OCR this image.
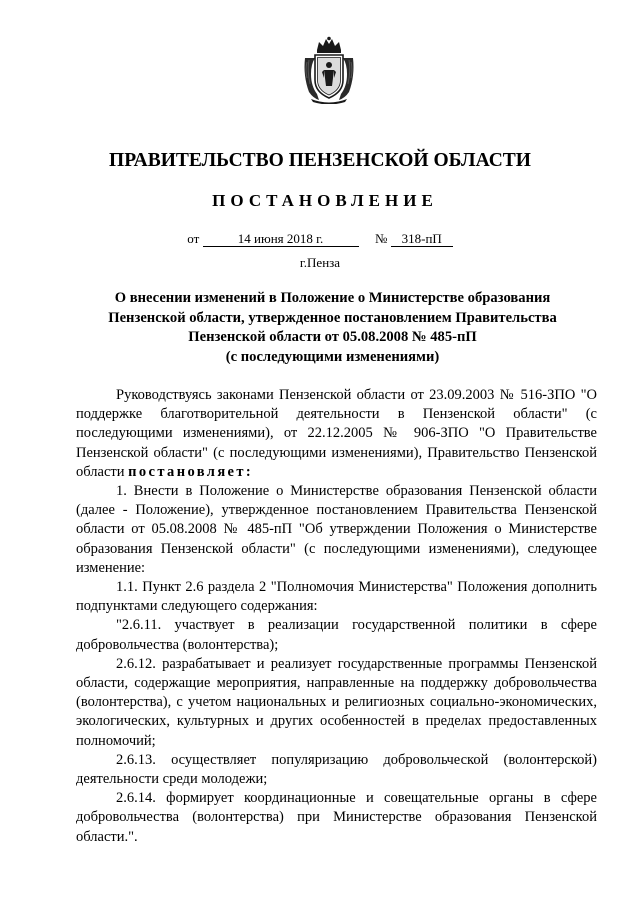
ПРАВИТЕЛЬСТВО ПЕНЗЕНСКОЙ ОБЛАСТИ
ПОСТАНОВЛЕНИЕ
от	14 июня 2018 г.	№ 318-пП
г.Пенза
О внесении изменений в Положение о Министерстве образования
Пензенской области, утвержденное постановлением Правительства
Пензенской области от 05.08.2008 № 485-пП
(с последующими изменениями)

Руководствуясь законами Пензенской области от 23.09.2003 № 516-ЗПО "О поддержке благотворительной деятельности в Пензенской области" (с последующими изменениями), от 22.12.2005 № 906-ЗПО "О Правительстве Пензенской области" (с последующими изменениями), Правительство Пензенской области постановляет:

1. Внести в Положение о Министерстве образования Пензенской области (далее - Положение), утвержденное постановлением Правительства Пензенской области от 05.08.2008 № 485-пП "Об утверждении Положения о Министерстве образования Пензенской области" (с последующими изменениями), следующее изменение:

1.1. Пункт 2.6 раздела 2 "Полномочия Министерства" Положения дополнить подпунктами следующего содержания:

"2.6.11. участвует в реализации государственной политики в сфере добровольчества (волонтерства);

2.6.12. разрабатывает и реализует государственные программы Пензенской области, содержащие мероприятия, направленные на поддержку добровольчества (волонтерства), с учетом национальных и религиозных социально-экономических, экологических, культурных и других особенностей в пределах предоставленных полномочий;

2.6.13. осуществляет популяризацию добровольческой (волонтерской) деятельности среди молодежи;

2.6.14. формирует координационные и совещательные органы в сфере добровольчества (волонтерства) при Министерстве образования Пензенской области.".
